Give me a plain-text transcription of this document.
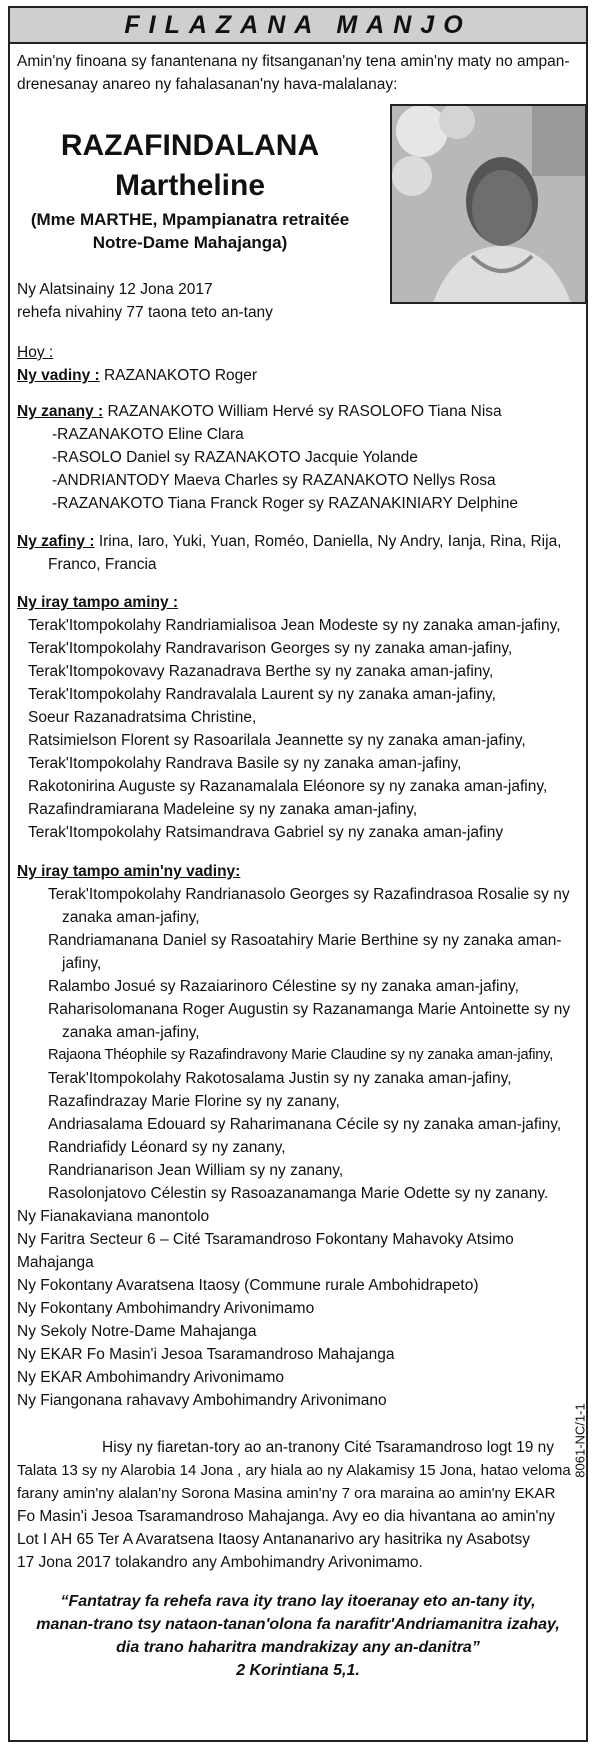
FILAZANA MANJO
Amin'ny finoana sy fanantenana ny fitsanganan'ny tena amin'ny maty no ampan-
drenesanay anareo ny fahalasanan'ny hava-malalanay:
RAZAFINDALANA
Martheline
(Mme MARTHE, Mpampianatra retraitée
Notre-Dame Mahajanga)
Ny Alatsinainy 12 Jona 2017
rehefa nivahiny 77 taona teto an-tany
Hoy :
Ny vadiny : RAZANAKOTO Roger
Ny zanany : RAZANAKOTO William Hervé sy RASOLOFO Tiana Nisa
-RAZANAKOTO Eline Clara
-RASOLO Daniel sy RAZANAKOTO Jacquie Yolande
-ANDRIANTODY Maeva Charles sy RAZANAKOTO Nellys Rosa
-RAZANAKOTO Tiana Franck Roger sy RAZANAKINIARY Delphine
Ny zafiny : Irina, Iaro, Yuki, Yuan, Roméo, Daniella, Ny Andry, Ianja, Rina, Rija,
Franco, Francia
Ny iray tampo aminy :
Terak'Itompokolahy Randriamialisoa Jean Modeste sy ny zanaka aman-jafiny,
Terak'Itompokolahy Randravarison Georges sy ny zanaka aman-jafiny,
Terak'Itompokovavy Razanadrava Berthe sy ny zanaka aman-jafiny,
Terak'Itompokolahy Randravalala Laurent sy ny zanaka aman-jafiny,
Soeur Razanadratsima Christine,
Ratsimielson Florent sy Rasoarilala Jeannette sy ny zanaka aman-jafiny,
Terak'Itompokolahy Randrava Basile sy ny zanaka aman-jafiny,
Rakotonirina Auguste sy Razanamalala Eléonore sy ny zanaka aman-jafiny,
Razafindramiarana Madeleine sy ny zanaka aman-jafiny,
Terak'Itompokolahy Ratsimandrava Gabriel sy ny zanaka aman-jafiny
Ny iray tampo amin'ny vadiny:
Terak'Itompokolahy Randrianasolo Georges sy Razafindrasoa Rosalie sy ny
zanaka aman-jafiny,
Randriamanana Daniel sy Rasoatahiry Marie Berthine sy ny zanaka aman-
jafiny,
Ralambo Josué sy Razaiarinoro Célestine sy ny zanaka aman-jafiny,
Raharisolomanana Roger Augustin sy Razanamanga Marie Antoinette sy ny
zanaka aman-jafiny,
Rajaona Théophile sy Razafindravony Marie Claudine sy ny zanaka aman-jafiny,
Terak'Itompokolahy Rakotosalama Justin sy ny zanaka aman-jafiny,
Razafindrazay Marie Florine sy ny zanany,
Andriasalama Edouard sy Raharimanana Cécile sy ny zanaka aman-jafiny,
Randriafidy Léonard sy ny zanany,
Randrianarison Jean William sy ny zanany,
Rasolonjatovo Célestin sy Rasoazanamanga Marie Odette sy ny zanany.
Ny Fianakaviana manontolo
Ny Faritra Secteur 6 – Cité Tsaramandroso Fokontany Mahavoky Atsimo
Mahajanga
Ny Fokontany Avaratsena Itaosy (Commune rurale Ambohidrapeto)
Ny Fokontany Ambohimandry Arivonimamo
Ny Sekoly Notre-Dame Mahajanga
Ny EKAR Fo Masin'i Jesoa Tsaramandroso Mahajanga
Ny EKAR Ambohimandry Arivonimamo
Ny Fiangonana rahavavy Ambohimandry Arivonimano
8061-NC/1-1
Hisy ny fiaretan-tory ao an-tranony Cité Tsaramandroso logt 19 ny
Talata 13 sy ny Alarobia 14 Jona , ary hiala ao ny Alakamisy 15 Jona, hatao veloma
farany amin'ny alalan'ny Sorona Masina amin'ny 7 ora maraina ao amin'ny EKAR
Fo Masin'i Jesoa Tsaramandroso Mahajanga. Avy eo dia hivantana ao amin'ny
Lot I AH 65 Ter A Avaratsena Itaosy Antananarivo ary hasitrika ny Asabotsy
17 Jona 2017 tolakandro any Ambohimandry Arivonimamo.
“Fantatray fa rehefa rava ity trano lay itoeranay eto an-tany ity,
manan-trano tsy nataon-tanan'olona fa narafitr'Andriamanitra izahay,
dia trano haharitra mandrakizay any an-danitra”
2 Korintiana 5,1.
